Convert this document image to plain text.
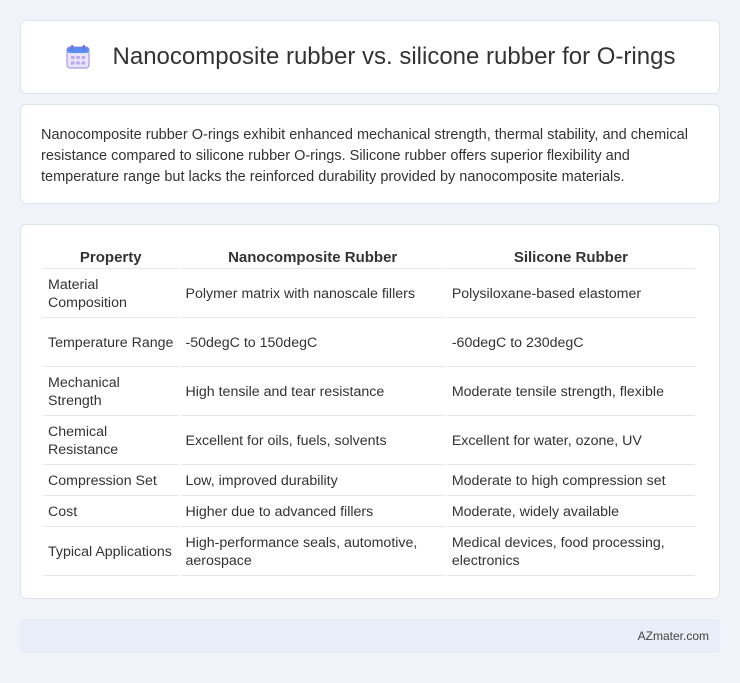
Nanocomposite rubber vs. silicone rubber for O-rings

Nanocomposite rubber O-rings exhibit enhanced mechanical strength, thermal stability, and chemical resistance compared to silicone rubber O-rings. Silicone rubber offers superior flexibility and temperature range but lacks the reinforced durability provided by nanocomposite materials.

Property	Nanocomposite Rubber	Silicone Rubber
Material Composition	Polymer matrix with nanoscale fillers	Polysiloxane-based elastomer
Temperature Range	-50degC to 150degC	-60degC to 230degC
Mechanical Strength	High tensile and tear resistance	Moderate tensile strength, flexible
Chemical Resistance	Excellent for oils, fuels, solvents	Excellent for water, ozone, UV
Compression Set	Low, improved durability	Moderate to high compression set
Cost	Higher due to advanced fillers	Moderate, widely available
Typical Applications	High-performance seals, automotive, aerospace	Medical devices, food processing, electronics
AZmater.com
